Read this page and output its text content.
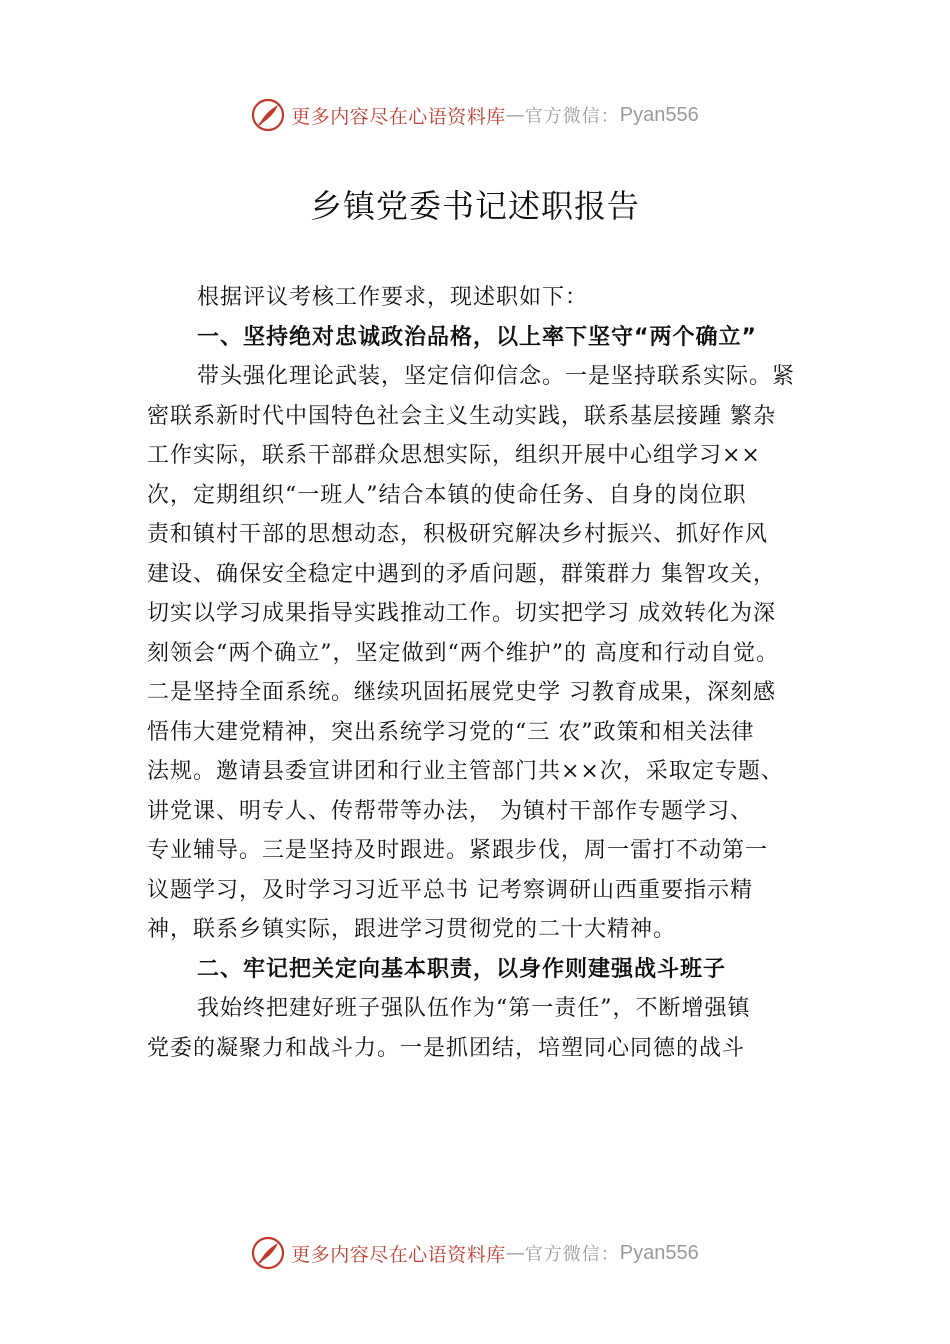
更多内容尽在心语资料库 — 官方微信： Pyan556
乡镇党委书记述职报告
根据评议考核工作要求，现述职如下：
一、坚持绝对忠诚政治品格，以上率下坚守“两个确立”
带头强化理论武装，坚定信仰信念。一是坚持联系实际。紧
密联系新时代中国特色社会主义生动实践，联系基层接踵 繁杂
工作实际，联系干部群众思想实际，组织开展中心组学习××
次，定期组织“一班人”结合本镇的使命任务、自身的岗位职
责和镇村干部的思想动态，积极研究解决乡村振兴、抓好作风
建设、确保安全稳定中遇到的矛盾问题，群策群力 集智攻关，
切实以学习成果指导实践推动工作。切实把学习 成效转化为深
刻领会“两个确立”，坚定做到“两个维护”的 高度和行动自觉。
二是坚持全面系统。继续巩固拓展党史学 习教育成果，深刻感
悟伟大建党精神，突出系统学习党的“三 农”政策和相关法律
法规。邀请县委宣讲团和行业主管部门共××次，采取定专题、
讲党课、明专人、传帮带等办法， 为镇村干部作专题学习、
专业辅导。三是坚持及时跟进。紧跟步伐，周一雷打不动第一
议题学习，及时学习习近平总书 记考察调研山西重要指示精
神，联系乡镇实际，跟进学习贯彻党的二十大精神。
二、牢记把关定向基本职责，以身作则建强战斗班子
我始终把建好班子强队伍作为“第一责任”，不断增强镇
党委的凝聚力和战斗力。一是抓团结，培塑同心同德的战斗
更多内容尽在心语资料库 — 官方微信： Pyan556
